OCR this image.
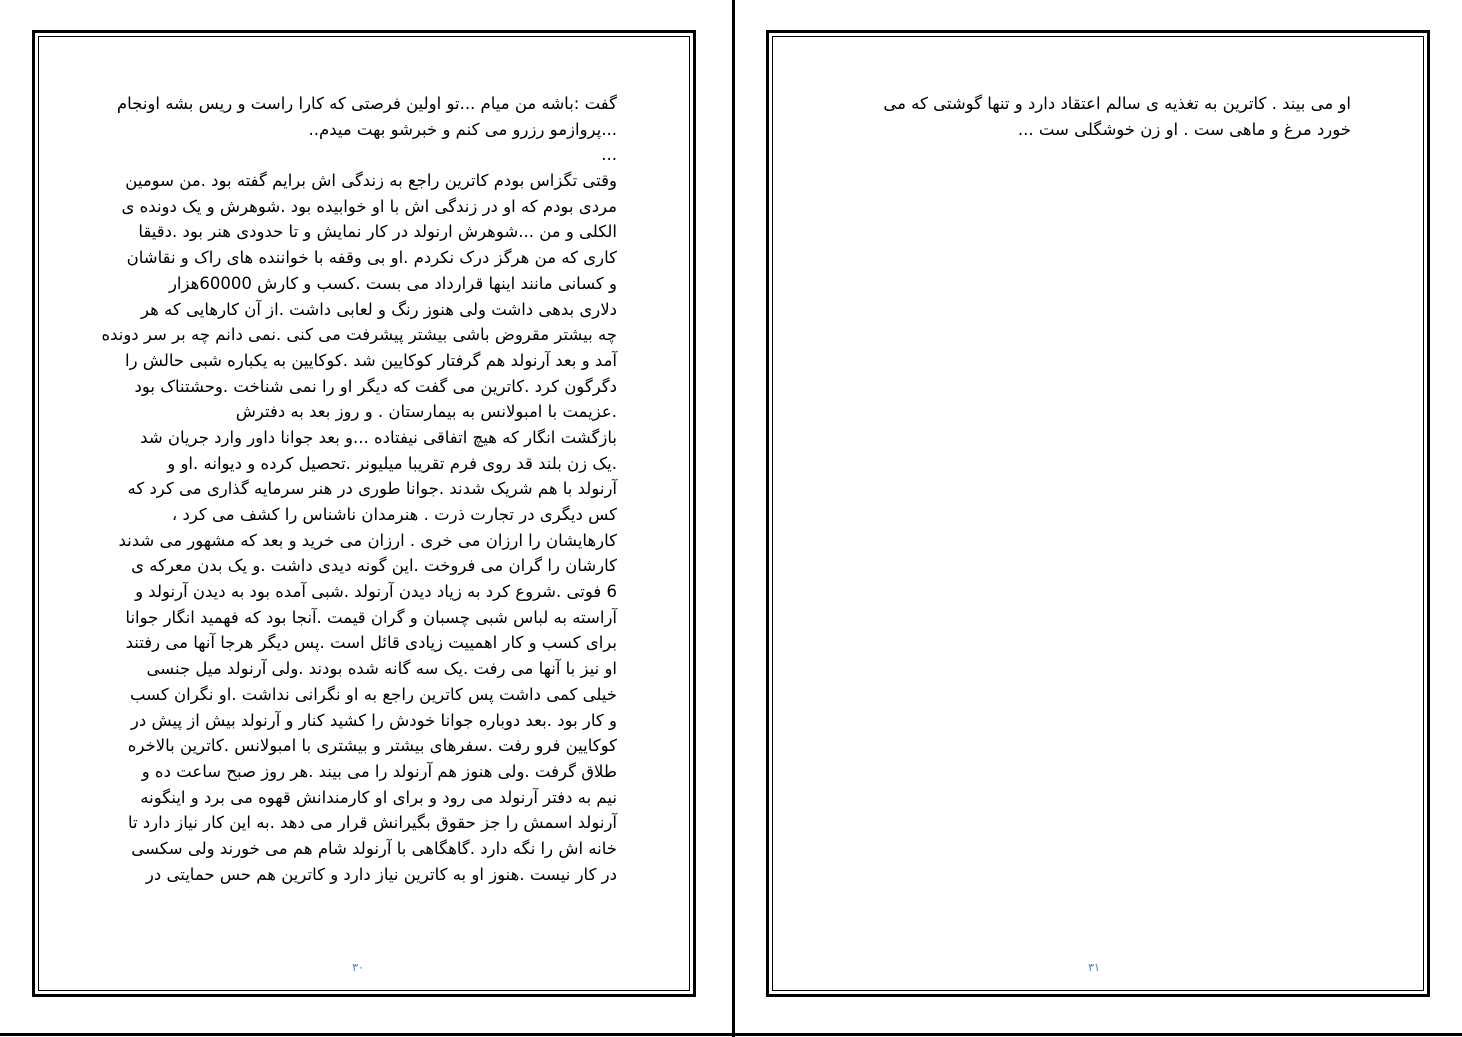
گفت :باشه من میام ...تو اولین فرصتی که کارا راست و ریس بشه اونجام
...پروازمو رزرو می کنم و خبرشو بهت میدم..
...
وقتی تگزاس بودم کاترین راجع به زندگی اش برایم گفته بود .من سومین
مردی بودم که او در زندگی اش با او خوابیده بود .شوهرش و یک دونده ی
الکلی و من ...شوهرش ارنولد در کار نمایش و تا حدودی هنر بود .دقیقا
کاری که من هرگز درک نکردم .او بی وقفه با خوانندە های راک و نقاشان
و کسانی مانند اینها قرارداد می بست .کسب و کارش 60000هزار
دلاری بدهی داشت ولی هنوز رنگ و لعابی داشت .از آن کارهایی که هر
چه بیشتر مقروض باشی بیشتر پیشرفت می کنی .نمی دانم چه بر سر دونده
آمد و بعد آرنولد هم گرفتار کوکایین شد .کوکایین به یکباره شبی حالش را
دگرگون کرد .کاترین می گفت که دیگر او را نمی شناخت .وحشتناک بود
.عزیمت با امبولانس به بیمارستان . و روز بعد به دفترش
بازگشت انگار که هیچ اتفاقی نیفتاده ...و بعد جوانا داور وارد جریان شد
.یک زن بلند قد روی فرم تقریبا میلیونر .تحصیل کرده و دیوانه .او و
آرنولد با هم شریک شدند .جوانا طوری در هنر سرمایه گذاری می کرد که
کس دیگری در تجارت ذرت . هنرمدان ناشناس را کشف می کرد ،
کارهایشان را ارزان می خری . ارزان می خرید و بعد که مشهور می شدند
کارشان را گران می فروخت .این گونه دیدی داشت .و یک بدن معرکه ی
6 فوتی .شروع کرد به زیاد دیدن آرنولد .شبی آمده بود به دیدن آرنولد و
آراسته به لباس شبی چسبان و گران قیمت .آنجا بود که فهمید انگار جوانا
برای کسب و کار اهمییت زیادی قائل است .پس دیگر هرجا آنها می رفتند
او نیز با آنها می رفت .یک سه گانه شده بودند .ولی آرنولد میل جنسی
خیلی کمی داشت پس کاترین راجع به او نگرانی نداشت .او نگران کسب
و کار بود .بعد دوباره جوانا خودش را کشید کنار و آرنولد بیش از پیش در
کوکایین فرو رفت .سفرهای بیشتر و بیشتری با امبولانس .کاترین بالاخره
طلاق گرفت .ولی هنوز هم آرنولد را می بیند .هر روز صبح ساعت ده و
نیم به دفتر آرنولد می رود و برای او کارمندانش قهوه می برد و اینگونه
آرنولد اسمش را جز حقوق بگیرانش قرار می دهد .به این کار نیاز دارد تا
خانه اش را نگه دارد .گاهگاهی با آرنولد شام هم می خورند ولی سکسی
در کار نیست .هنوز او به کاترین نیاز دارد و کاترین هم حس حمایتی در
۳۰
او می بیند . کاترین به تغذیه ی سالم اعتقاد دارد و تنها گوشتی که می
خورد مرغ و ماهی ست . او زن خوشگلی ست ...
۳۱
